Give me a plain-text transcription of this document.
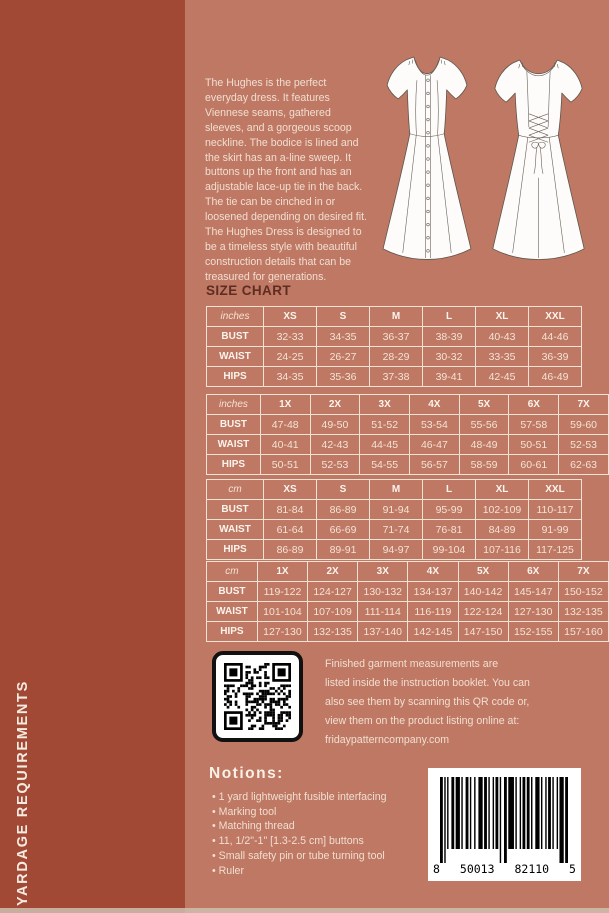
YARDAGE REQUIREMENTS

The Hughes is the perfect everyday dress. It features Viennese seams, gathered sleeves, and a gorgeous scoop neckline. The bodice is lined and the skirt has an a-line sweep. It buttons up the front and has an adjustable lace-up tie in the back. The tie can be cinched in or loosened depending on desired fit. The Hughes Dress is designed to be a timeless style with beautiful construction details that can be treasured for generations.

SIZE CHART
Finished garment measurements are
listed inside the instruction booklet. You can
also see them by scanning this QR code or,
view them on the product listing online at:
fridaypatterncompany.com
Notions:
• 1 yard lightweight fusible interfacing
• Marking tool
• Matching thread
• 11, 1/2"-1" [1.3-2.5 cm] buttons
• Small safety pin or tube turning tool
• Ruler	8 50013 82110 5
inches	XS	S	M	L	XL	XXL
BUST	32-33	34-35	36-37	38-39	40-43	44-46
WAIST	24-25	26-27	28-29	30-32	33-35	36-39
HIPS	34-35	35-36	37-38	39-41	42-45	46-49
inches	1X	2X	3X	4X	5X	6X	7X
BUST	47-48	49-50	51-52	53-54	55-56	57-58	59-60
WAIST	40-41	42-43	44-45	46-47	48-49	50-51	52-53
HIPS	50-51	52-53	54-55	56-57	58-59	60-61	62-63
cm	XS	S	M	L	XL	XXL
BUST	81-84	86-89	91-94	95-99	102-109	110-117
WAIST	61-64	66-69	71-74	76-81	84-89	91-99
HIPS	86-89	89-91	94-97	99-104	107-116	117-125
cm	1X	2X	3X	4X	5X	6X	7X
BUST	119-122	124-127	130-132	134-137	140-142	145-147	150-152
WAIST	101-104	107-109	111-114	116-119	122-124	127-130	132-135
HIPS	127-130	132-135	137-140	142-145	147-150	152-155	157-160
